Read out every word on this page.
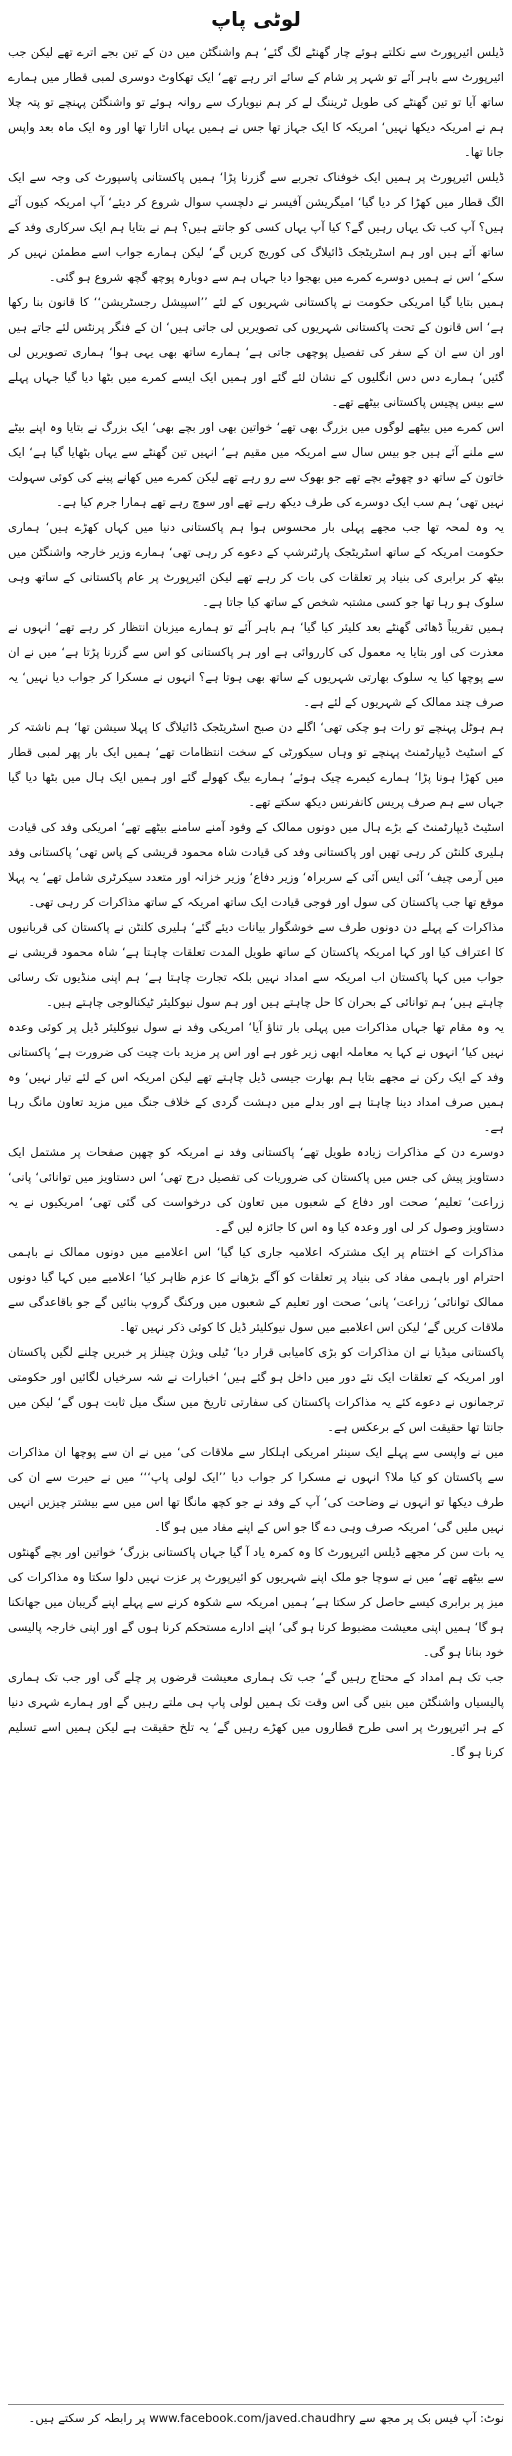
لوٹی پاپ

ڈیلس ائیرپورٹ سے نکلتے ہوئے چار گھنٹے لگ گئے‘ ہم واشنگٹن میں دن کے تین بجے اترے تھے لیکن جب ائیرپورٹ سے باہر آئے تو شہر پر شام کے سائے اتر رہے تھے‘ ایک تھکاوٹ دوسری لمبی قطار میں ہمارے ساتھ آیا تو تین گھنٹے کی طویل ٹریننگ لے کر ہم نیویارک سے روانہ ہوئے تو واشنگٹن پہنچے تو پتہ چلا ہم نے امریکہ دیکھا نہیں‘ امریکہ کا ایک جہاز تھا جس نے ہمیں یہاں اتارا تھا اور وہ ایک ماہ بعد واپس جانا تھا۔

ڈیلس ائیرپورٹ پر ہمیں ایک خوفناک تجربے سے گزرنا پڑا‘ ہمیں پاکستانی پاسپورٹ کی وجہ سے ایک الگ قطار میں کھڑا کر دیا گیا‘ امیگریشن آفیسر نے دلچسپ سوال شروع کر دیئے‘ آپ امریکہ کیوں آئے ہیں؟ آپ کب تک یہاں رہیں گے؟ کیا آپ یہاں کسی کو جانتے ہیں؟ ہم نے بتایا ہم ایک سرکاری وفد کے ساتھ آئے ہیں اور ہم اسٹریٹجک ڈائیلاگ کی کوریج کریں گے‘ لیکن ہمارے جواب اسے مطمئن نہیں کر سکے‘ اس نے ہمیں دوسرے کمرے میں بھجوا دیا جہاں ہم سے دوبارہ پوچھ گچھ شروع ہو گئی۔

ہمیں بتایا گیا امریکی حکومت نے پاکستانی شہریوں کے لئے ’’اسپیشل رجسٹریشن‘‘ کا قانون بنا رکھا ہے‘ اس قانون کے تحت پاکستانی شہریوں کی تصویریں لی جاتی ہیں‘ ان کے فنگر پرنٹس لئے جاتے ہیں اور ان سے ان کے سفر کی تفصیل پوچھی جاتی ہے‘ ہمارے ساتھ بھی یہی ہوا‘ ہماری تصویریں لی گئیں‘ ہمارے دس دس انگلیوں کے نشان لئے گئے اور ہمیں ایک ایسے کمرے میں بٹھا دیا گیا جہاں پہلے سے بیس پچیس پاکستانی بیٹھے تھے۔

اس کمرے میں بیٹھے لوگوں میں بزرگ بھی تھے‘ خواتین بھی اور بچے بھی‘ ایک بزرگ نے بتایا وہ اپنے بیٹے سے ملنے آئے ہیں جو بیس سال سے امریکہ میں مقیم ہے‘ انہیں تین گھنٹے سے یہاں بٹھایا گیا ہے‘ ایک خاتون کے ساتھ دو چھوٹے بچے تھے جو بھوک سے رو رہے تھے لیکن کمرے میں کھانے پینے کی کوئی سہولت نہیں تھی‘ ہم سب ایک دوسرے کی طرف دیکھ رہے تھے اور سوچ رہے تھے ہمارا جرم کیا ہے۔

یہ وہ لمحہ تھا جب مجھے پہلی بار محسوس ہوا ہم پاکستانی دنیا میں کہاں کھڑے ہیں‘ ہماری حکومت امریکہ کے ساتھ اسٹریٹجک پارٹنرشپ کے دعوے کر رہی تھی‘ ہمارے وزیر خارجہ واشنگٹن میں بیٹھ کر برابری کی بنیاد پر تعلقات کی بات کر رہے تھے لیکن ائیرپورٹ پر عام پاکستانی کے ساتھ وہی سلوک ہو رہا تھا جو کسی مشتبہ شخص کے ساتھ کیا جاتا ہے۔

ہمیں تقریباً ڈھائی گھنٹے بعد کلیئر کیا گیا‘ ہم باہر آئے تو ہمارے میزبان انتظار کر رہے تھے‘ انہوں نے معذرت کی اور بتایا یہ معمول کی کارروائی ہے اور ہر پاکستانی کو اس سے گزرنا پڑتا ہے‘ میں نے ان سے پوچھا کیا یہ سلوک بھارتی شہریوں کے ساتھ بھی ہوتا ہے؟ انہوں نے مسکرا کر جواب دیا نہیں‘ یہ صرف چند ممالک کے شہریوں کے لئے ہے۔

ہم ہوٹل پہنچے تو رات ہو چکی تھی‘ اگلے دن صبح اسٹریٹجک ڈائیلاگ کا پہلا سیشن تھا‘ ہم ناشتہ کر کے اسٹیٹ ڈیپارٹمنٹ پہنچے تو وہاں سیکورٹی کے سخت انتظامات تھے‘ ہمیں ایک بار پھر لمبی قطار میں کھڑا ہونا پڑا‘ ہمارے کیمرے چیک ہوئے‘ ہمارے بیگ کھولے گئے اور ہمیں ایک ہال میں بٹھا دیا گیا جہاں سے ہم صرف پریس کانفرنس دیکھ سکتے تھے۔

اسٹیٹ ڈیپارٹمنٹ کے بڑے ہال میں دونوں ممالک کے وفود آمنے سامنے بیٹھے تھے‘ امریکی وفد کی قیادت ہلیری کلنٹن کر رہی تھیں اور پاکستانی وفد کی قیادت شاہ محمود قریشی کے پاس تھی‘ پاکستانی وفد میں آرمی چیف‘ آئی ایس آئی کے سربراہ‘ وزیر دفاع‘ وزیر خزانہ اور متعدد سیکرٹری شامل تھے‘ یہ پہلا موقع تھا جب پاکستان کی سول اور فوجی قیادت ایک ساتھ امریکہ کے ساتھ مذاکرات کر رہی تھی۔

مذاکرات کے پہلے دن دونوں طرف سے خوشگوار بیانات دیئے گئے‘ ہلیری کلنٹن نے پاکستان کی قربانیوں کا اعتراف کیا اور کہا امریکہ پاکستان کے ساتھ طویل المدت تعلقات چاہتا ہے‘ شاہ محمود قریشی نے جواب میں کہا پاکستان اب امریکہ سے امداد نہیں بلکہ تجارت چاہتا ہے‘ ہم اپنی منڈیوں تک رسائی چاہتے ہیں‘ ہم توانائی کے بحران کا حل چاہتے ہیں اور ہم سول نیوکلیئر ٹیکنالوجی چاہتے ہیں۔

یہ وہ مقام تھا جہاں مذاکرات میں پہلی بار تناؤ آیا‘ امریکی وفد نے سول نیوکلیئر ڈیل پر کوئی وعدہ نہیں کیا‘ انہوں نے کہا یہ معاملہ ابھی زیر غور ہے اور اس پر مزید بات چیت کی ضرورت ہے‘ پاکستانی وفد کے ایک رکن نے مجھے بتایا ہم بھارت جیسی ڈیل چاہتے تھے لیکن امریکہ اس کے لئے تیار نہیں‘ وہ ہمیں صرف امداد دینا چاہتا ہے اور بدلے میں دہشت گردی کے خلاف جنگ میں مزید تعاون مانگ رہا ہے۔

دوسرے دن کے مذاکرات زیادہ طویل تھے‘ پاکستانی وفد نے امریکہ کو چھپن صفحات پر مشتمل ایک دستاویز پیش کی جس میں پاکستان کی ضروریات کی تفصیل درج تھی‘ اس دستاویز میں توانائی‘ پانی‘ زراعت‘ تعلیم‘ صحت اور دفاع کے شعبوں میں تعاون کی درخواست کی گئی تھی‘ امریکیوں نے یہ دستاویز وصول کر لی اور وعدہ کیا وہ اس کا جائزہ لیں گے۔

مذاکرات کے اختتام پر ایک مشترکہ اعلامیہ جاری کیا گیا‘ اس اعلامیے میں دونوں ممالک نے باہمی احترام اور باہمی مفاد کی بنیاد پر تعلقات کو آگے بڑھانے کا عزم ظاہر کیا‘ اعلامیے میں کہا گیا دونوں ممالک توانائی‘ زراعت‘ پانی‘ صحت اور تعلیم کے شعبوں میں ورکنگ گروپ بنائیں گے جو باقاعدگی سے ملاقات کریں گے‘ لیکن اس اعلامیے میں سول نیوکلیئر ڈیل کا کوئی ذکر نہیں تھا۔

پاکستانی میڈیا نے ان مذاکرات کو بڑی کامیابی قرار دیا‘ ٹیلی ویژن چینلز پر خبریں چلنے لگیں پاکستان اور امریکہ کے تعلقات ایک نئے دور میں داخل ہو گئے ہیں‘ اخبارات نے شہ سرخیاں لگائیں اور حکومتی ترجمانوں نے دعوے کئے یہ مذاکرات پاکستان کی سفارتی تاریخ میں سنگ میل ثابت ہوں گے‘ لیکن میں جانتا تھا حقیقت اس کے برعکس ہے۔

میں نے واپسی سے پہلے ایک سینئر امریکی اہلکار سے ملاقات کی‘ میں نے ان سے پوچھا ان مذاکرات سے پاکستان کو کیا ملا؟ انہوں نے مسکرا کر جواب دیا ’’ایک لولی پاپ‘‘‘ میں نے حیرت سے ان کی طرف دیکھا تو انہوں نے وضاحت کی‘ آپ کے وفد نے جو کچھ مانگا تھا اس میں سے بیشتر چیزیں انہیں نہیں ملیں گی‘ امریکہ صرف وہی دے گا جو اس کے اپنے مفاد میں ہو گا۔

یہ بات سن کر مجھے ڈیلس ائیرپورٹ کا وہ کمرہ یاد آ گیا جہاں پاکستانی بزرگ‘ خواتین اور بچے گھنٹوں سے بیٹھے تھے‘ میں نے سوچا جو ملک اپنے شہریوں کو ائیرپورٹ پر عزت نہیں دلوا سکتا وہ مذاکرات کی میز پر برابری کیسے حاصل کر سکتا ہے‘ ہمیں امریکہ سے شکوہ کرنے سے پہلے اپنے گریبان میں جھانکنا ہو گا‘ ہمیں اپنی معیشت مضبوط کرنا ہو گی‘ اپنے ادارے مستحکم کرنا ہوں گے اور اپنی خارجہ پالیسی خود بنانا ہو گی۔

جب تک ہم امداد کے محتاج رہیں گے‘ جب تک ہماری معیشت قرضوں پر چلے گی اور جب تک ہماری پالیسیاں واشنگٹن میں بنیں گی اس وقت تک ہمیں لولی پاپ ہی ملتے رہیں گے اور ہمارے شہری دنیا کے ہر ائیرپورٹ پر اسی طرح قطاروں میں کھڑے رہیں گے‘ یہ تلخ حقیقت ہے لیکن ہمیں اسے تسلیم کرنا ہو گا۔

نوٹ: آپ فیس بک پر مجھ سے www.facebook.com/javed.chaudhry پر رابطہ کر سکتے ہیں۔
